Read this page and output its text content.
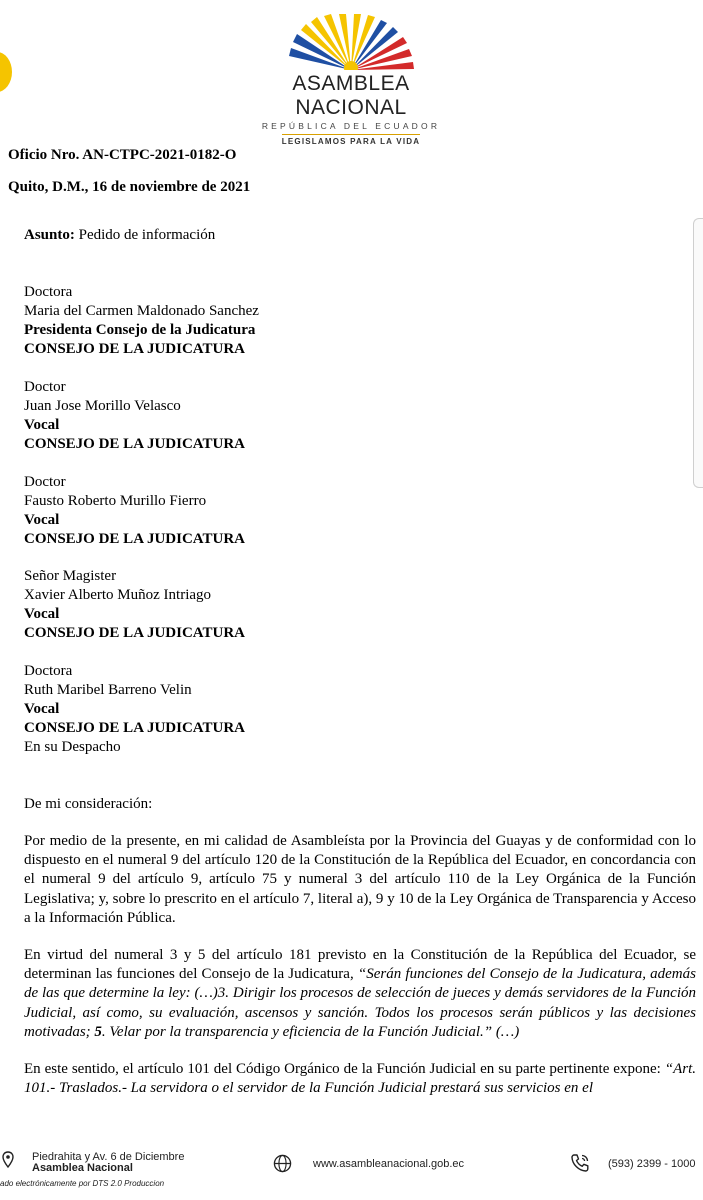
ASAMBLEA NACIONAL
REPÚBLICA DEL ECUADOR
LEGISLAMOS PARA LA VIDA
Oficio Nro. AN-CTPC-2021-0182-O
Quito, D.M., 16 de noviembre de 2021
Asunto: Pedido de información
Doctora
Maria del Carmen Maldonado Sanchez
Presidenta Consejo de la Judicatura
CONSEJO DE LA JUDICATURA
Doctor
Juan Jose Morillo Velasco
Vocal
CONSEJO DE LA JUDICATURA
Doctor
Fausto Roberto Murillo Fierro
Vocal
CONSEJO DE LA JUDICATURA
Señor Magister
Xavier Alberto Muñoz Intriago
Vocal
CONSEJO DE LA JUDICATURA
Doctora
Ruth Maribel Barreno Velin
Vocal
CONSEJO DE LA JUDICATURA
En su Despacho
De mi consideración:
Por medio de la presente, en mi calidad de Asambleísta por la Provincia del Guayas y de conformidad con lo dispuesto en el numeral 9 del artículo 120 de la Constitución de la República del Ecuador, en concordancia con el numeral 9 del artículo 9, artículo 75 y numeral 3 del artículo 110 de la Ley Orgánica de la Función Legislativa; y, sobre lo prescrito en el artículo 7, literal a), 9 y 10 de la Ley Orgánica de Transparencia y Acceso a la Información Pública.
En virtud del numeral 3 y 5 del artículo 181 previsto en la Constitución de la República del Ecuador, se determinan las funciones del Consejo de la Judicatura, “Serán funciones del Consejo de la Judicatura, además de las que determine la ley: (…)3. Dirigir los procesos de selección de jueces y demás servidores de la Función Judicial, así como, su evaluación, ascensos y sanción. Todos los procesos serán públicos y las decisiones motivadas; 5. Velar por la transparencia y eficiencia de la Función Judicial.” (…)
En este sentido, el artículo 101 del Código Orgánico de la Función Judicial en su parte pertinente expone: “Art. 101.- Traslados.- La servidora o el servidor de la Función Judicial prestará sus servicios en el
Piedrahita y Av. 6 de Diciembre
Asamblea Nacional	www.asambleanacional.gob.ec	(593) 2399 - 1000
ado electrónicamente por DTS 2.0 Produccion
